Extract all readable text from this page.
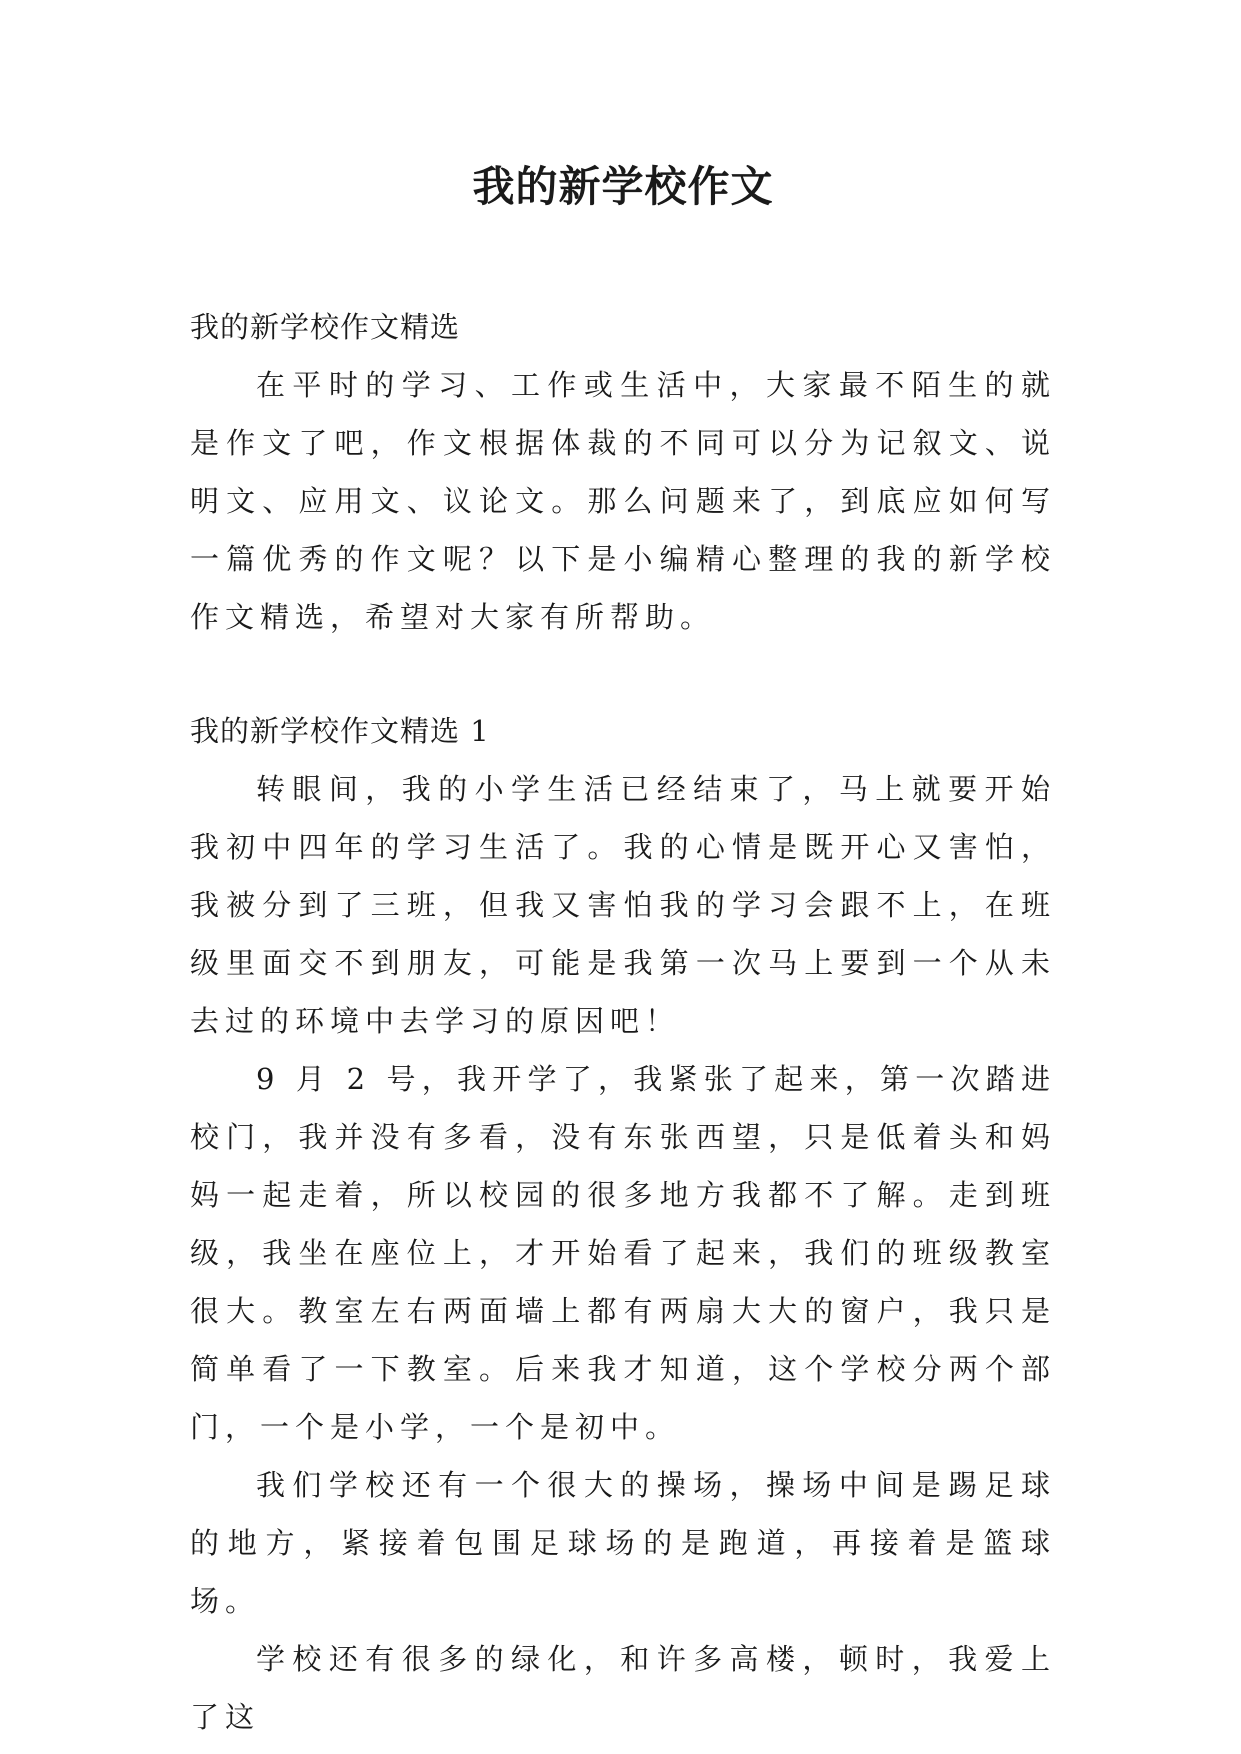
我的新学校作文

我的新学校作文精选

在平时的学习、工作或生活中，大家最不陌生的就是作文了吧，作文根据体裁的不同可以分为记叙文、说明文、应用文、议论文。那么问题来了，到底应如何写一篇优秀的作文呢？以下是小编精心整理的我的新学校作文精选，希望对大家有所帮助。

我的新学校作文精选 1

转眼间，我的小学生活已经结束了，马上就要开始我初中四年的学习生活了。我的心情是既开心又害怕，我被分到了三班，但我又害怕我的学习会跟不上，在班级里面交不到朋友，可能是我第一次马上要到一个从未去过的环境中去学习的原因吧！

9 月 2 号，我开学了，我紧张了起来，第一次踏进校门，我并没有多看，没有东张西望，只是低着头和妈妈一起走着，所以校园的很多地方我都不了解。走到班级，我坐在座位上，才开始看了起来，我们的班级教室很大。教室左右两面墙上都有两扇大大的窗户，我只是简单看了一下教室。后来我才知道，这个学校分两个部门，一个是小学，一个是初中。

我们学校还有一个很大的操场，操场中间是踢足球的地方，紧接着包围足球场的是跑道，再接着是篮球场。

学校还有很多的绿化，和许多高楼，顿时，我爱上了这
